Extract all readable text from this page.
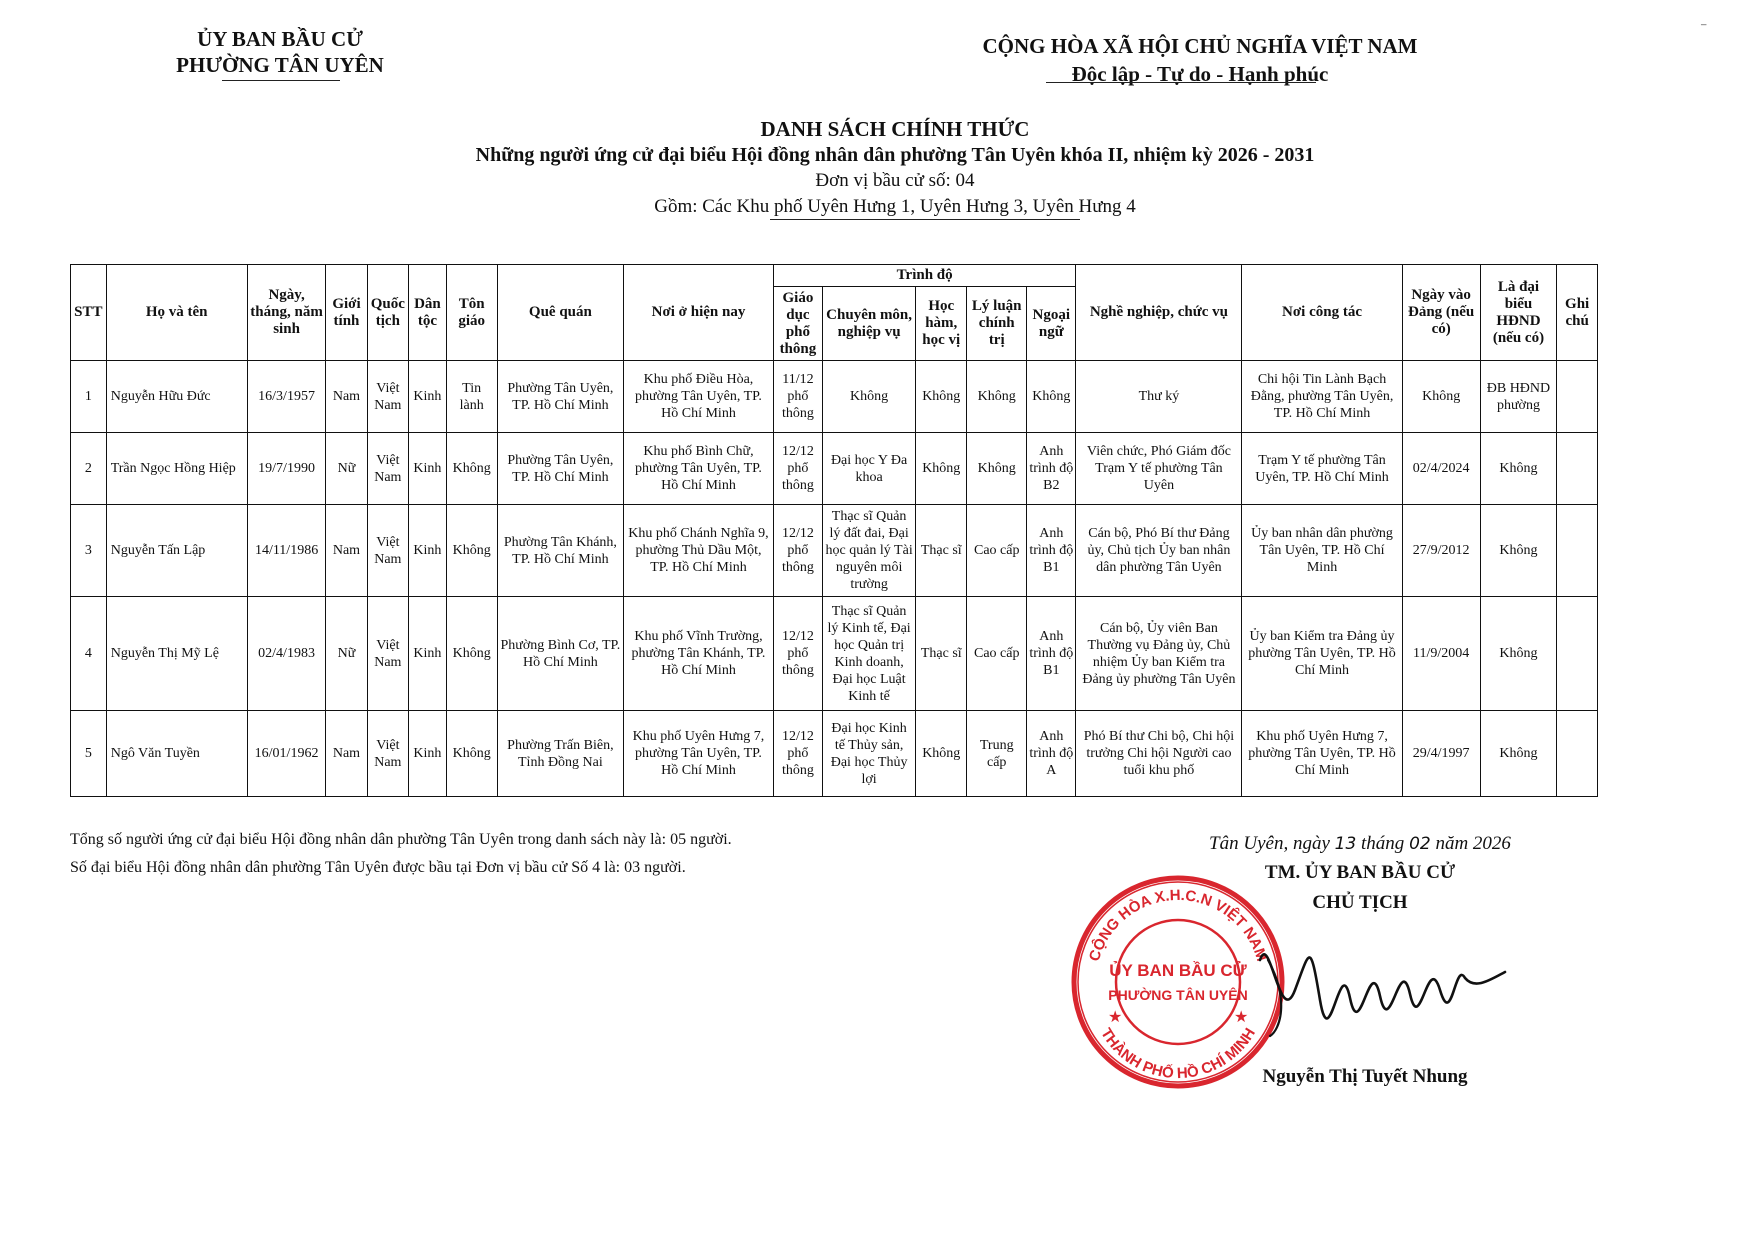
⁻
ỦY BAN BẦU CỬ
PHƯỜNG TÂN UYÊN
CỘNG HÒA XÃ HỘI CHỦ NGHĨA VIỆT NAM
Độc lập - Tự do - Hạnh phúc
DANH SÁCH CHÍNH THỨC
Những người ứng cử đại biểu Hội đồng nhân dân phường Tân Uyên khóa II, nhiệm kỳ 2026 - 2031
Đơn vị bầu cử số: 04
Gồm: Các Khu phố Uyên Hưng 1, Uyên Hưng 3, Uyên Hưng 4
STT	Họ và tên	Ngày, tháng, năm sinh	Giới tính	Quốc tịch	Dân tộc	Tôn giáo	Quê quán	Nơi ở hiện nay	Trình độ					Nghề nghiệp, chức vụ	Nơi công tác	Ngày vào Đảng (nếu có)	Là đại biểu HĐND (nếu có)	Ghi chú
									Giáo dục phổ thông	Chuyên môn, nghiệp vụ	Học hàm, học vị	Lý luận chính trị	Ngoại ngữ					
1	Nguyễn Hữu Đức	16/3/1957	Nam	Việt Nam	Kinh	Tin lành	Phường Tân Uyên, TP. Hồ Chí Minh	Khu phố Điều Hòa, phường Tân Uyên, TP. Hồ Chí Minh	11/12 phổ thông	Không	Không	Không	Không	Thư ký	Chi hội Tin Lành Bạch Đằng, phường Tân Uyên, TP. Hồ Chí Minh	Không	ĐB HĐND phường	
2	Trần Ngọc Hồng Hiệp	19/7/1990	Nữ	Việt Nam	Kinh	Không	Phường Tân Uyên, TP. Hồ Chí Minh	Khu phố Bình Chữ, phường Tân Uyên, TP. Hồ Chí Minh	12/12 phổ thông	Đại học Y Đa khoa	Không	Không	Anh trình độ B2	Viên chức, Phó Giám đốc Trạm Y tế phường Tân Uyên	Trạm Y tế phường Tân Uyên, TP. Hồ Chí Minh	02/4/2024	Không	
3	Nguyễn Tấn Lập	14/11/1986	Nam	Việt Nam	Kinh	Không	Phường Tân Khánh, TP. Hồ Chí Minh	Khu phố Chánh Nghĩa 9, phường Thủ Dầu Một, TP. Hồ Chí Minh	12/12 phổ thông	Thạc sĩ Quản lý đất đai, Đại học quản lý Tài nguyên môi trường	Thạc sĩ	Cao cấp	Anh trình độ B1	Cán bộ, Phó Bí thư Đảng ủy, Chủ tịch Ủy ban nhân dân phường Tân Uyên	Ủy ban nhân dân phường Tân Uyên, TP. Hồ Chí Minh	27/9/2012	Không	
4	Nguyễn Thị Mỹ Lệ	02/4/1983	Nữ	Việt Nam	Kinh	Không	Phường Bình Cơ, TP. Hồ Chí Minh	Khu phố Vĩnh Trường, phường Tân Khánh, TP. Hồ Chí Minh	12/12 phổ thông	Thạc sĩ Quản lý Kinh tế, Đại học Quản trị Kinh doanh, Đại học Luật Kinh tế	Thạc sĩ	Cao cấp	Anh trình độ B1	Cán bộ, Ủy viên Ban Thường vụ Đảng ủy, Chủ nhiệm Ủy ban Kiểm tra Đảng ủy phường Tân Uyên	Ủy ban Kiểm tra Đảng ủy phường Tân Uyên, TP. Hồ Chí Minh	11/9/2004	Không	
5	Ngô Văn Tuyền	16/01/1962	Nam	Việt Nam	Kinh	Không	Phường Trấn Biên, Tỉnh Đồng Nai	Khu phố Uyên Hưng 7, phường Tân Uyên, TP. Hồ Chí Minh	12/12 phổ thông	Đại học Kinh tế Thủy sản, Đại học Thủy lợi	Không	Trung cấp	Anh trình độ A	Phó Bí thư Chi bộ, Chi hội trưởng Chi hội Người cao tuổi khu phố	Khu phố Uyên Hưng 7, phường Tân Uyên, TP. Hồ Chí Minh	29/4/1997	Không	
Tổng số người ứng cử đại biểu Hội đồng nhân dân phường Tân Uyên trong danh sách này là: 05 người.
Số đại biểu Hội đồng nhân dân phường Tân Uyên được bầu tại Đơn vị bầu cử Số 4 là: 03 người.
Tân Uyên, ngày 13 tháng 02 năm 2026
TM. ỦY BAN BẦU CỬ
CHỦ TỊCH
CỘNG HÒA X.H.C.N VIỆT NAM
THÀNH PHỐ HỒ CHÍ MINH
★	★
ỦY BAN BẦU CỬ
PHƯỜNG TÂN UYÊN
Nguyễn Thị Tuyết Nhung
